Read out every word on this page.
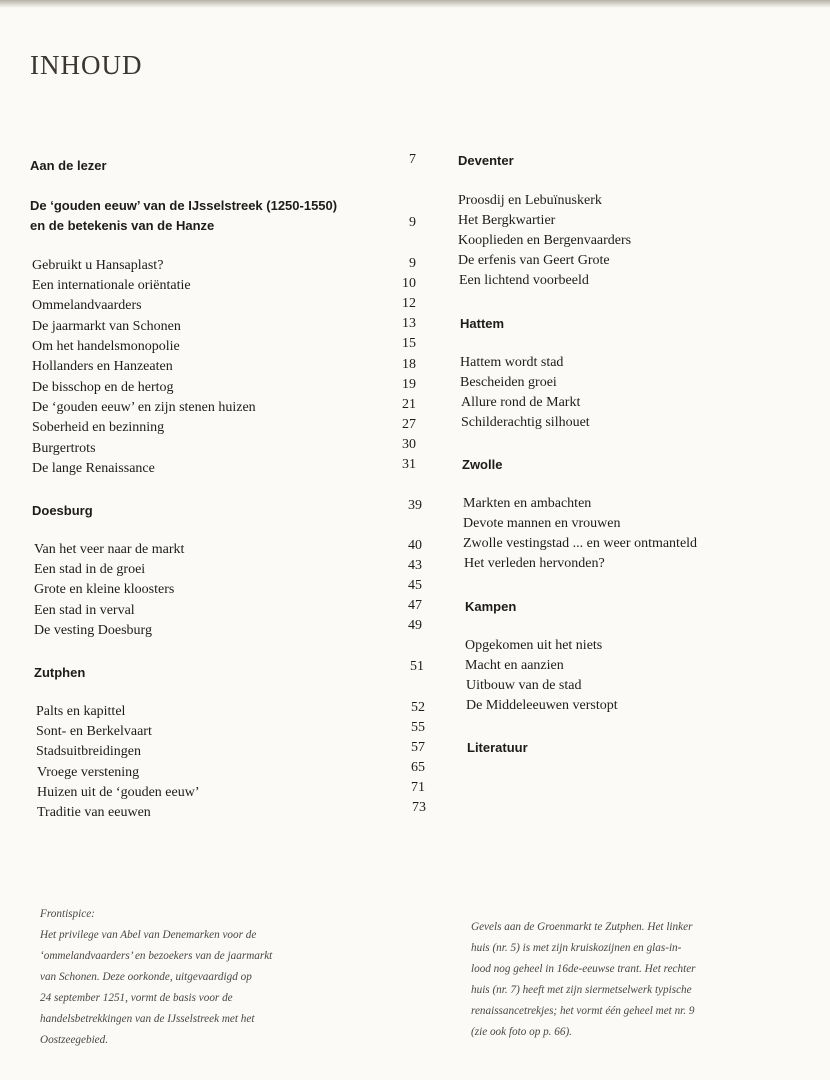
INHOUD
Aan de lezer	7
De ‘gouden eeuw’ van de IJsselstreek (1250-1550)
en de betekenis van de Hanze	9
Gebruikt u Hansaplast?	9
Een internationale oriëntatie	10
Ommelandvaarders	12
De jaarmarkt van Schonen	13
Om het handelsmonopolie	15
Hollanders en Hanzeaten	18
De bisschop en de hertog	19
De ‘gouden eeuw’ en zijn stenen huizen	21
Soberheid en bezinning	27
Burgertrots	30
De lange Renaissance	31
Doesburg	39
Van het veer naar de markt	40
Een stad in de groei	43
Grote en kleine kloosters	45
Een stad in verval	47
De vesting Doesburg	49
Zutphen	51
Palts en kapittel	52
Sont- en Berkelvaart	55
Stadsuitbreidingen	57
Vroege verstening	65
Huizen uit de ‘gouden eeuw’	71
Traditie van eeuwen	73
Deventer
Proosdij en Lebuïnuskerk
Het Bergkwartier
Kooplieden en Bergenvaarders
De erfenis van Geert Grote
Een lichtend voorbeeld
Hattem
Hattem wordt stad
Bescheiden groei
Allure rond de Markt
Schilderachtig silhouet
Zwolle
Markten en ambachten
Devote mannen en vrouwen
Zwolle vestingstad ... en weer ontmanteld
Het verleden hervonden?
Kampen
Opgekomen uit het niets
Macht en aanzien
Uitbouw van de stad
De Middeleeuwen verstopt
Literatuur
Frontispice:
Het privilege van Abel van Denemarken voor de
‘ommelandvaarders’ en bezoekers van de jaarmarkt
van Schonen. Deze oorkonde, uitgevaardigd op
24 september 1251, vormt de basis voor de
handelsbetrekkingen van de IJsselstreek met het
Oostzeegebied.
Gevels aan de Groenmarkt te Zutphen. Het linker
huis (nr. 5) is met zijn kruiskozijnen en glas-in-
lood nog geheel in 16de-eeuwse trant. Het rechter
huis (nr. 7) heeft met zijn siermetselwerk typische
renaissancetrekjes; het vormt één geheel met nr. 9
(zie ook foto op p. 66).
